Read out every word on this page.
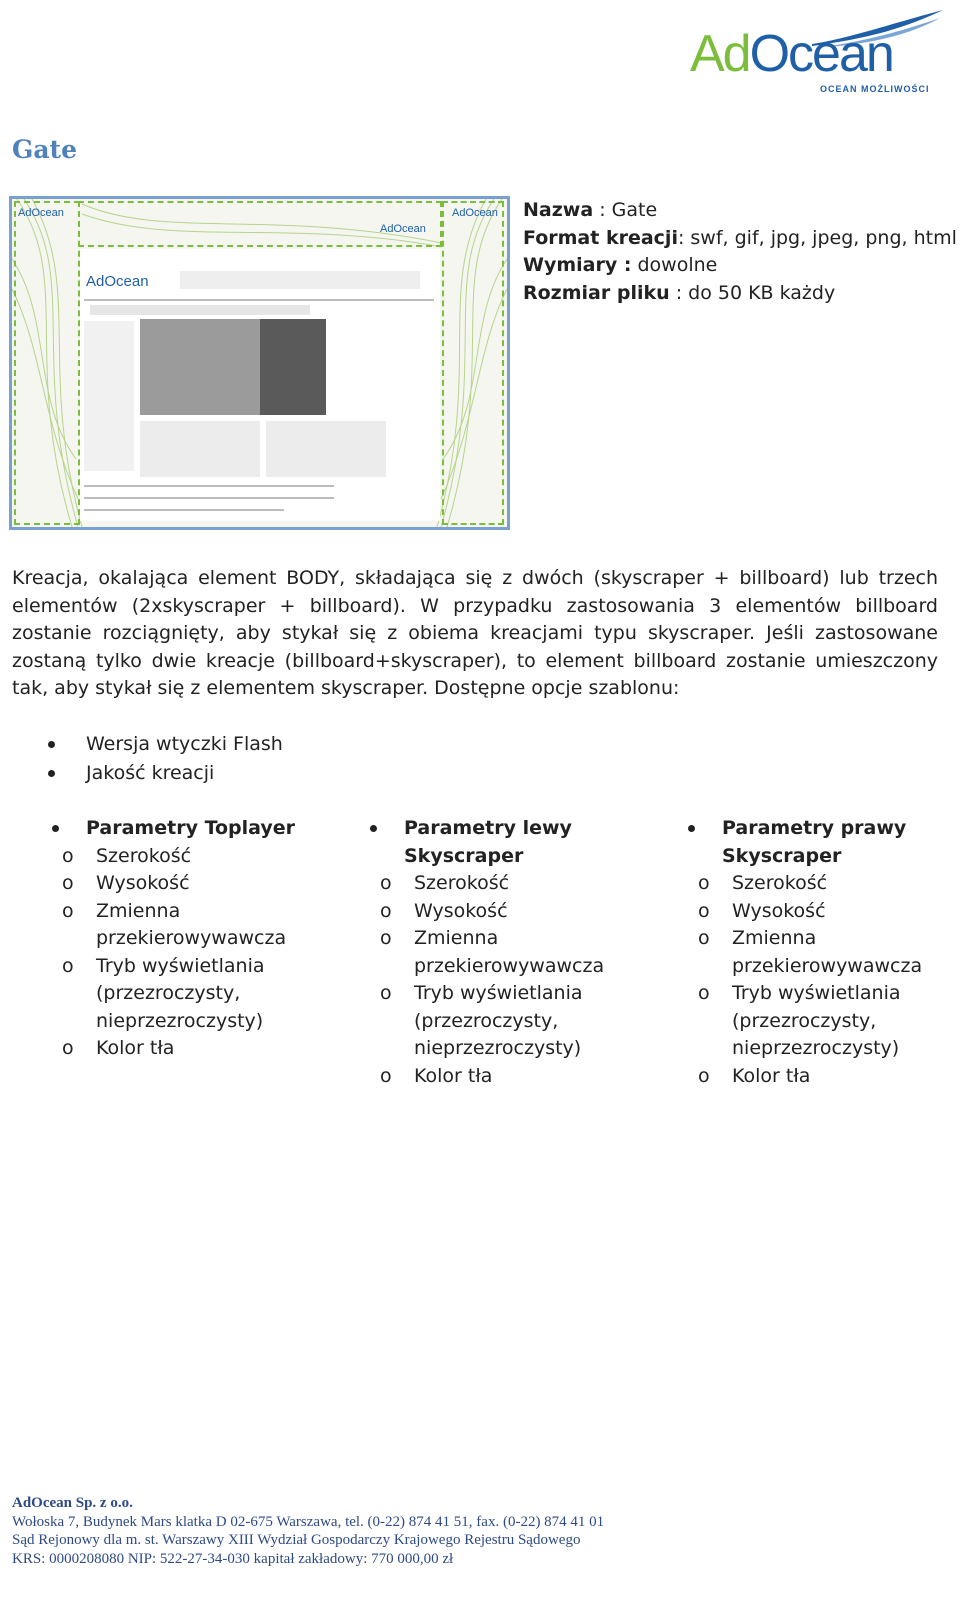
AdOcean
OCEAN MOŻLIWOŚCI
Gate
AdOcean
AdOcean
AdOcean
AdOcean
Nazwa : Gate
Format kreacji: swf, gif, jpg, jpeg, png, html
Wymiary : dowolne
Rozmiar pliku : do 50 KB każdy
Kreacja, okalająca element BODY, składająca się z dwóch (skyscraper + billboard) lub trzech elementów (2xskyscraper + billboard). W przypadku zastosowania 3 elementów billboard zostanie rozciągnięty, aby stykał się z obiema kreacjami typu skyscraper. Jeśli zastosowane zostaną tylko dwie kreacje (billboard+skyscraper), to element billboard zostanie umieszczony tak, aby stykał się z elementem skyscraper. Dostępne opcje szablonu:
Wersja wtyczki Flash
Jakość kreacji
Parametry Toplayer
o Szerokość
o Wysokość
o Zmienna
przekierowywawcza
o Tryb wyświetlania
(przezroczysty,
nieprzezroczysty)
o Kolor tła
Parametry lewy
Skyscraper
o Szerokość
o Wysokość
o Zmienna
przekierowywawcza
o Tryb wyświetlania
(przezroczysty,
nieprzezroczysty)
o Kolor tła
Parametry prawy
Skyscraper
o Szerokość
o Wysokość
o Zmienna
przekierowywawcza
o Tryb wyświetlania
(przezroczysty,
nieprzezroczysty)
o Kolor tła
AdOcean Sp. z o.o.
Wołoska 7, Budynek Mars klatka D 02-675 Warszawa, tel. (0-22) 874 41 51, fax. (0-22) 874 41 01
Sąd Rejonowy dla m. st. Warszawy XIII Wydział Gospodarczy Krajowego Rejestru Sądowego
KRS: 0000208080 NIP: 522-27-34-030 kapitał zakładowy: 770 000,00 zł
